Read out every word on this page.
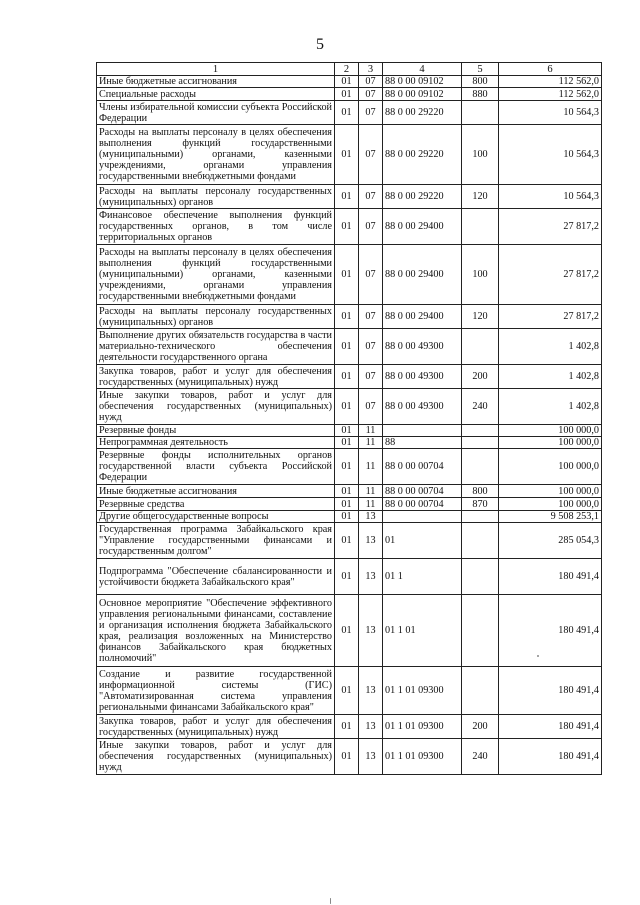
5
1	2	3	4	5	6
Иные бюджетные ассигнования	01	07	88 0 00 09102	800	112 562,0
Специальные расходы	01	07	88 0 00 09102	880	112 562,0
Члены избирательной комиссии субъекта Российской Федерации	01	07	88 0 00 29220		10 564,3
Расходы на выплаты персоналу в целях обеспечения выполнения функций государственными (муниципальными) органами, казенными учреждениями, органами управления государственными внебюджетными фондами	01	07	88 0 00 29220	100	10 564,3
Расходы на выплаты персоналу государственных (муниципальных) органов	01	07	88 0 00 29220	120	10 564,3
Финансовое обеспечение выполнения функций государственных органов, в том числе территориальных органов	01	07	88 0 00 29400		27 817,2
Расходы на выплаты персоналу в целях обеспечения выполнения функций государственными (муниципальными) органами, казенными учреждениями, органами управления государственными внебюджетными фондами	01	07	88 0 00 29400	100	27 817,2
Расходы на выплаты персоналу государственных (муниципальных) органов	01	07	88 0 00 29400	120	27 817,2
Выполнение других обязательств государства в части материально-технического обеспечения деятельности государственного органа	01	07	88 0 00 49300		1 402,8
Закупка товаров, работ и услуг для обеспечения государственных (муниципальных) нужд	01	07	88 0 00 49300	200	1 402,8
Иные закупки товаров, работ и услуг для обеспечения государственных (муниципальных) нужд	01	07	88 0 00 49300	240	1 402,8
Резервные фонды	01	11			100 000,0
Непрограммная деятельность	01	11	88		100 000,0
Резервные фонды исполнительных органов государственной власти субъекта Российской Федерации	01	11	88 0 00 00704		100 000,0
Иные бюджетные ассигнования	01	11	88 0 00 00704	800	100 000,0
Резервные средства	01	11	88 0 00 00704	870	100 000,0
Другие общегосударственные вопросы	01	13			9 508 253,1
Государственная программа Забайкальского края "Управление государственными финансами и государственным долгом"	01	13	01		285 054,3
Подпрограмма "Обеспечение сбалансированности и устойчивости бюджета Забайкальского края"	01	13	01 1		180 491,4
Основное мероприятие "Обеспечение эффективного управления региональными финансами, составление и организация исполнения бюджета Забайкальского края, реализация возложенных на Министерство финансов Забайкальского края бюджетных полномочий"	01	13	01 1 01		180 491,4
Создание и развитие государственной информационной системы (ГИС) "Автоматизированная система управления региональными финансами Забайкальского края"	01	13	01 1 01 09300		180 491,4
Закупка товаров, работ и услуг для обеспечения государственных (муниципальных) нужд	01	13	01 1 01 09300	200	180 491,4
Иные закупки товаров, работ и услуг для обеспечения государственных (муниципальных) нужд	01	13	01 1 01 09300	240	180 491,4
